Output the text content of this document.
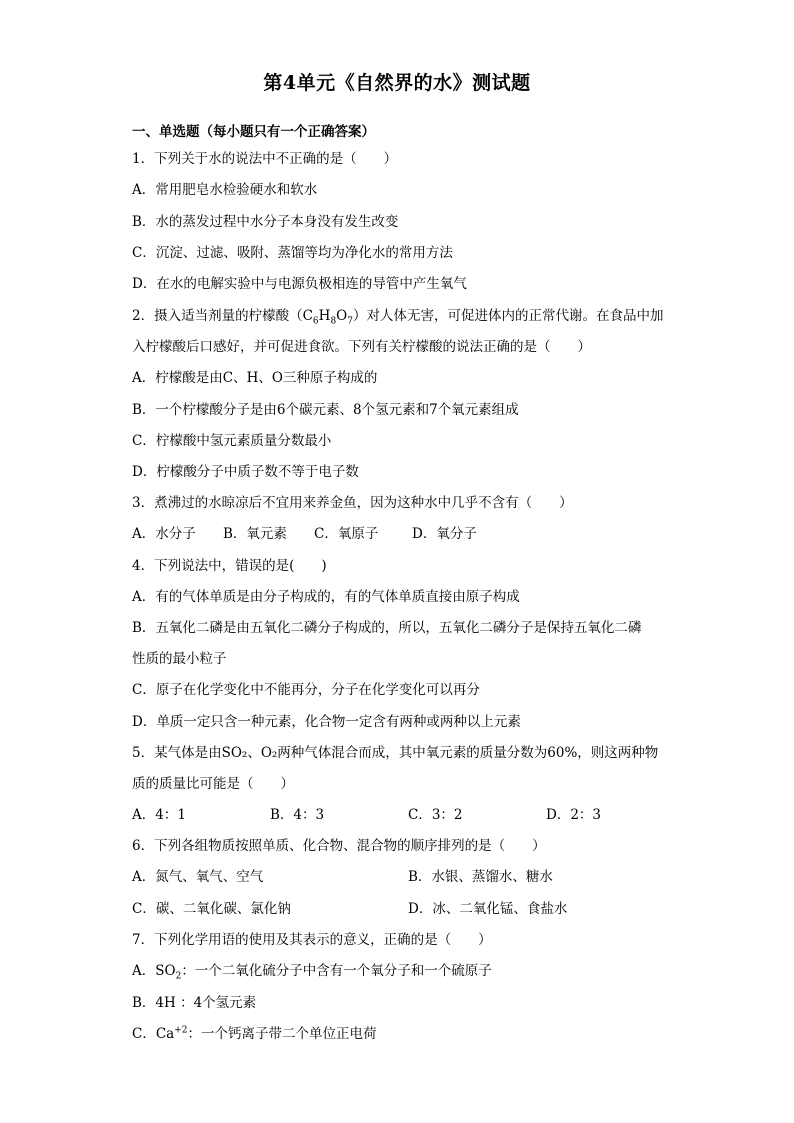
第4单元《自然界的水》测试题
一、单选题（每小题只有一个正确答案）
1．下列关于水的说法中不正确的是（　　）
A．常用肥皂水检验硬水和软水
B．水的蒸发过程中水分子本身没有发生改变
C．沉淀、过滤、吸附、蒸馏等均为净化水的常用方法
D．在水的电解实验中与电源负极相连的导管中产生氧气
2．摄入适当剂量的柠檬酸$(C_6H_8O_7)$对人体无害，可促进体内的正常代谢。在食品中加
入柠檬酸后口感好，并可促进食欲。下列有关柠檬酸的说法正确的是（　　）
A．柠檬酸是由C、H、O三种原子构成的
B．一个柠檬酸分子是由6个碳元素、8个氢元素和7个氧元素组成
C．柠檬酸中氢元素质量分数最小
D．柠檬酸分子中质子数不等于电子数
3．煮沸过的水晾凉后不宜用来养金鱼，因为这种水中几乎不含有（　　）
A．水分子 B．氧元素 C．氧原子 D．氧分子
4．下列说法中，错误的是(　　)
A．有的气体单质是由分子构成的，有的气体单质直接由原子构成
B．五氧化二磷是由五氧化二磷分子构成的，所以，五氧化二磷分子是保持五氧化二磷
性质的最小粒子
C．原子在化学变化中不能再分，分子在化学变化可以再分
D．单质一定只含一种元素，化合物一定含有两种或两种以上元素
5．某气体是由SO₂、O₂两种气体混合而成，其中氧元素的质量分数为60%，则这两种物
质的质量比可能是（　　）
A．4：1	B．4：3	C．3：2	D．2：3
6．下列各组物质按照单质、化合物、混合物的顺序排列的是（　　）
A．氮气、氧气、空气	B．水银、蒸馏水、糖水
C．碳、二氧化碳、氯化钠	D．冰、二氧化锰、食盐水
7．下列化学用语的使用及其表示的意义，正确的是（　　）
A．$SO_2$：一个二氧化硫分子中含有一个氧分子和一个硫原子
B．4H ：4个氢元素
C．$Ca^{+2}$：一个钙离子带二个单位正电荷
